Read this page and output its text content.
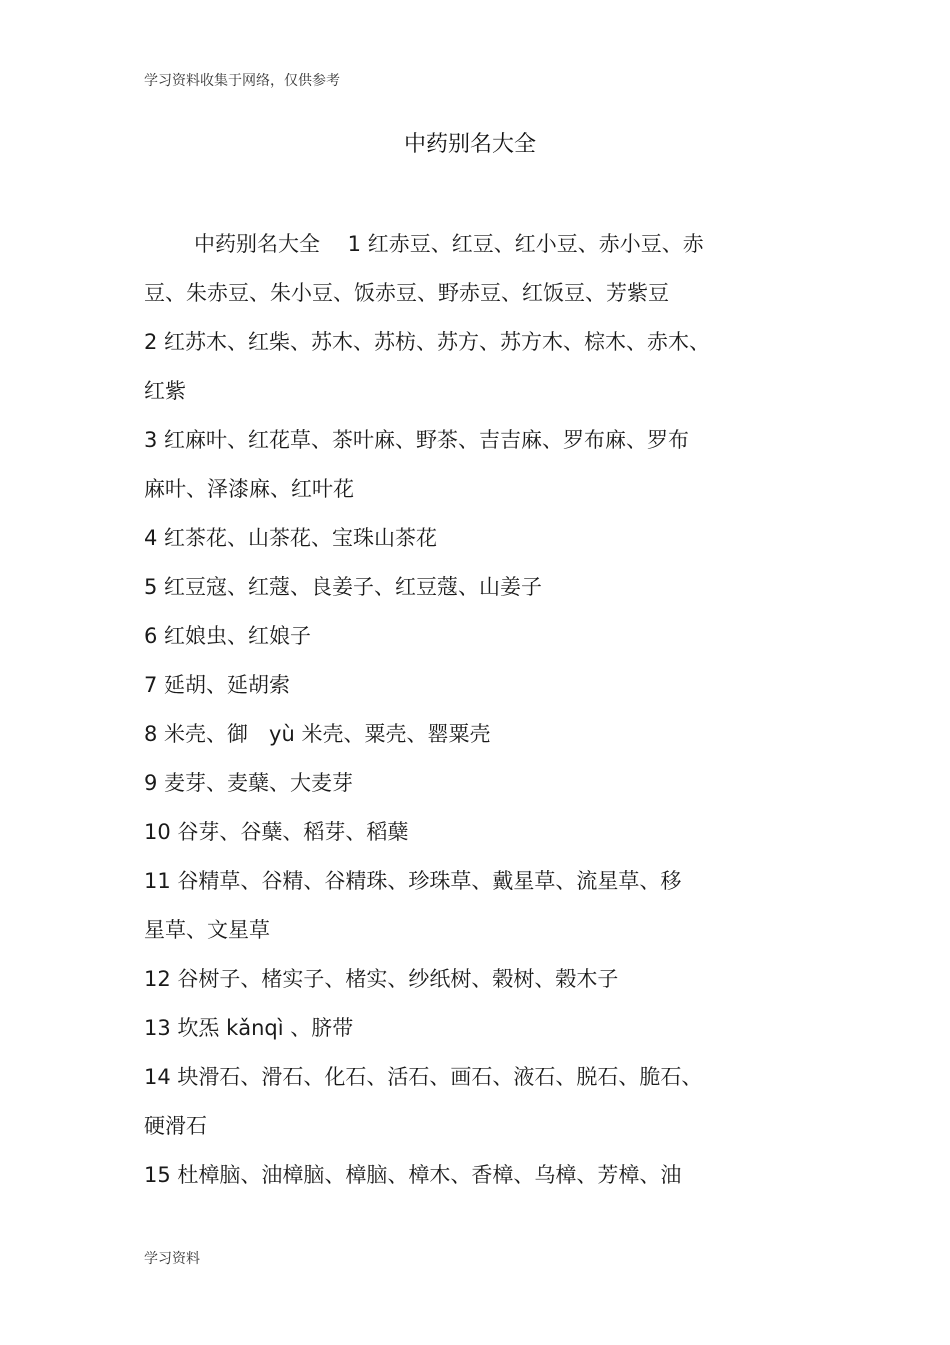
学习资料收集于网络，仅供参考
中药别名大全
中药别名大全　 1 红赤豆、红豆、红小豆、赤小豆、赤
豆、朱赤豆、朱小豆、饭赤豆、野赤豆、红饭豆、芳紫豆
2 红苏木、红柴、苏木、苏枋、苏方、苏方木、棕木、赤木、
红紫
3 红麻叶、红花草、茶叶麻、野茶、吉吉麻、罗布麻、罗布
麻叶、泽漆麻、红叶花
4 红茶花、山茶花、宝珠山茶花
5 红豆寇、红蔻、良姜子、红豆蔻、山姜子
6 红娘虫、红娘子
7 延胡、延胡索
8 米壳、御　yù 米壳、粟壳、罂粟壳
9 麦芽、麦蘖、大麦芽
10 谷芽、谷蘖、稻芽、稻蘖
11 谷精草、谷精、谷精珠、珍珠草、戴星草、流星草、移
星草、文星草
12 谷树子、楮实子、楮实、纱纸树、榖树、榖木子
13 坎炁 kǎnqì 、脐带
14 块滑石、滑石、化石、活石、画石、液石、脱石、脆石、
硬滑石
15 杜樟脑、油樟脑、樟脑、樟木、香樟、乌樟、芳樟、油
学习资料
